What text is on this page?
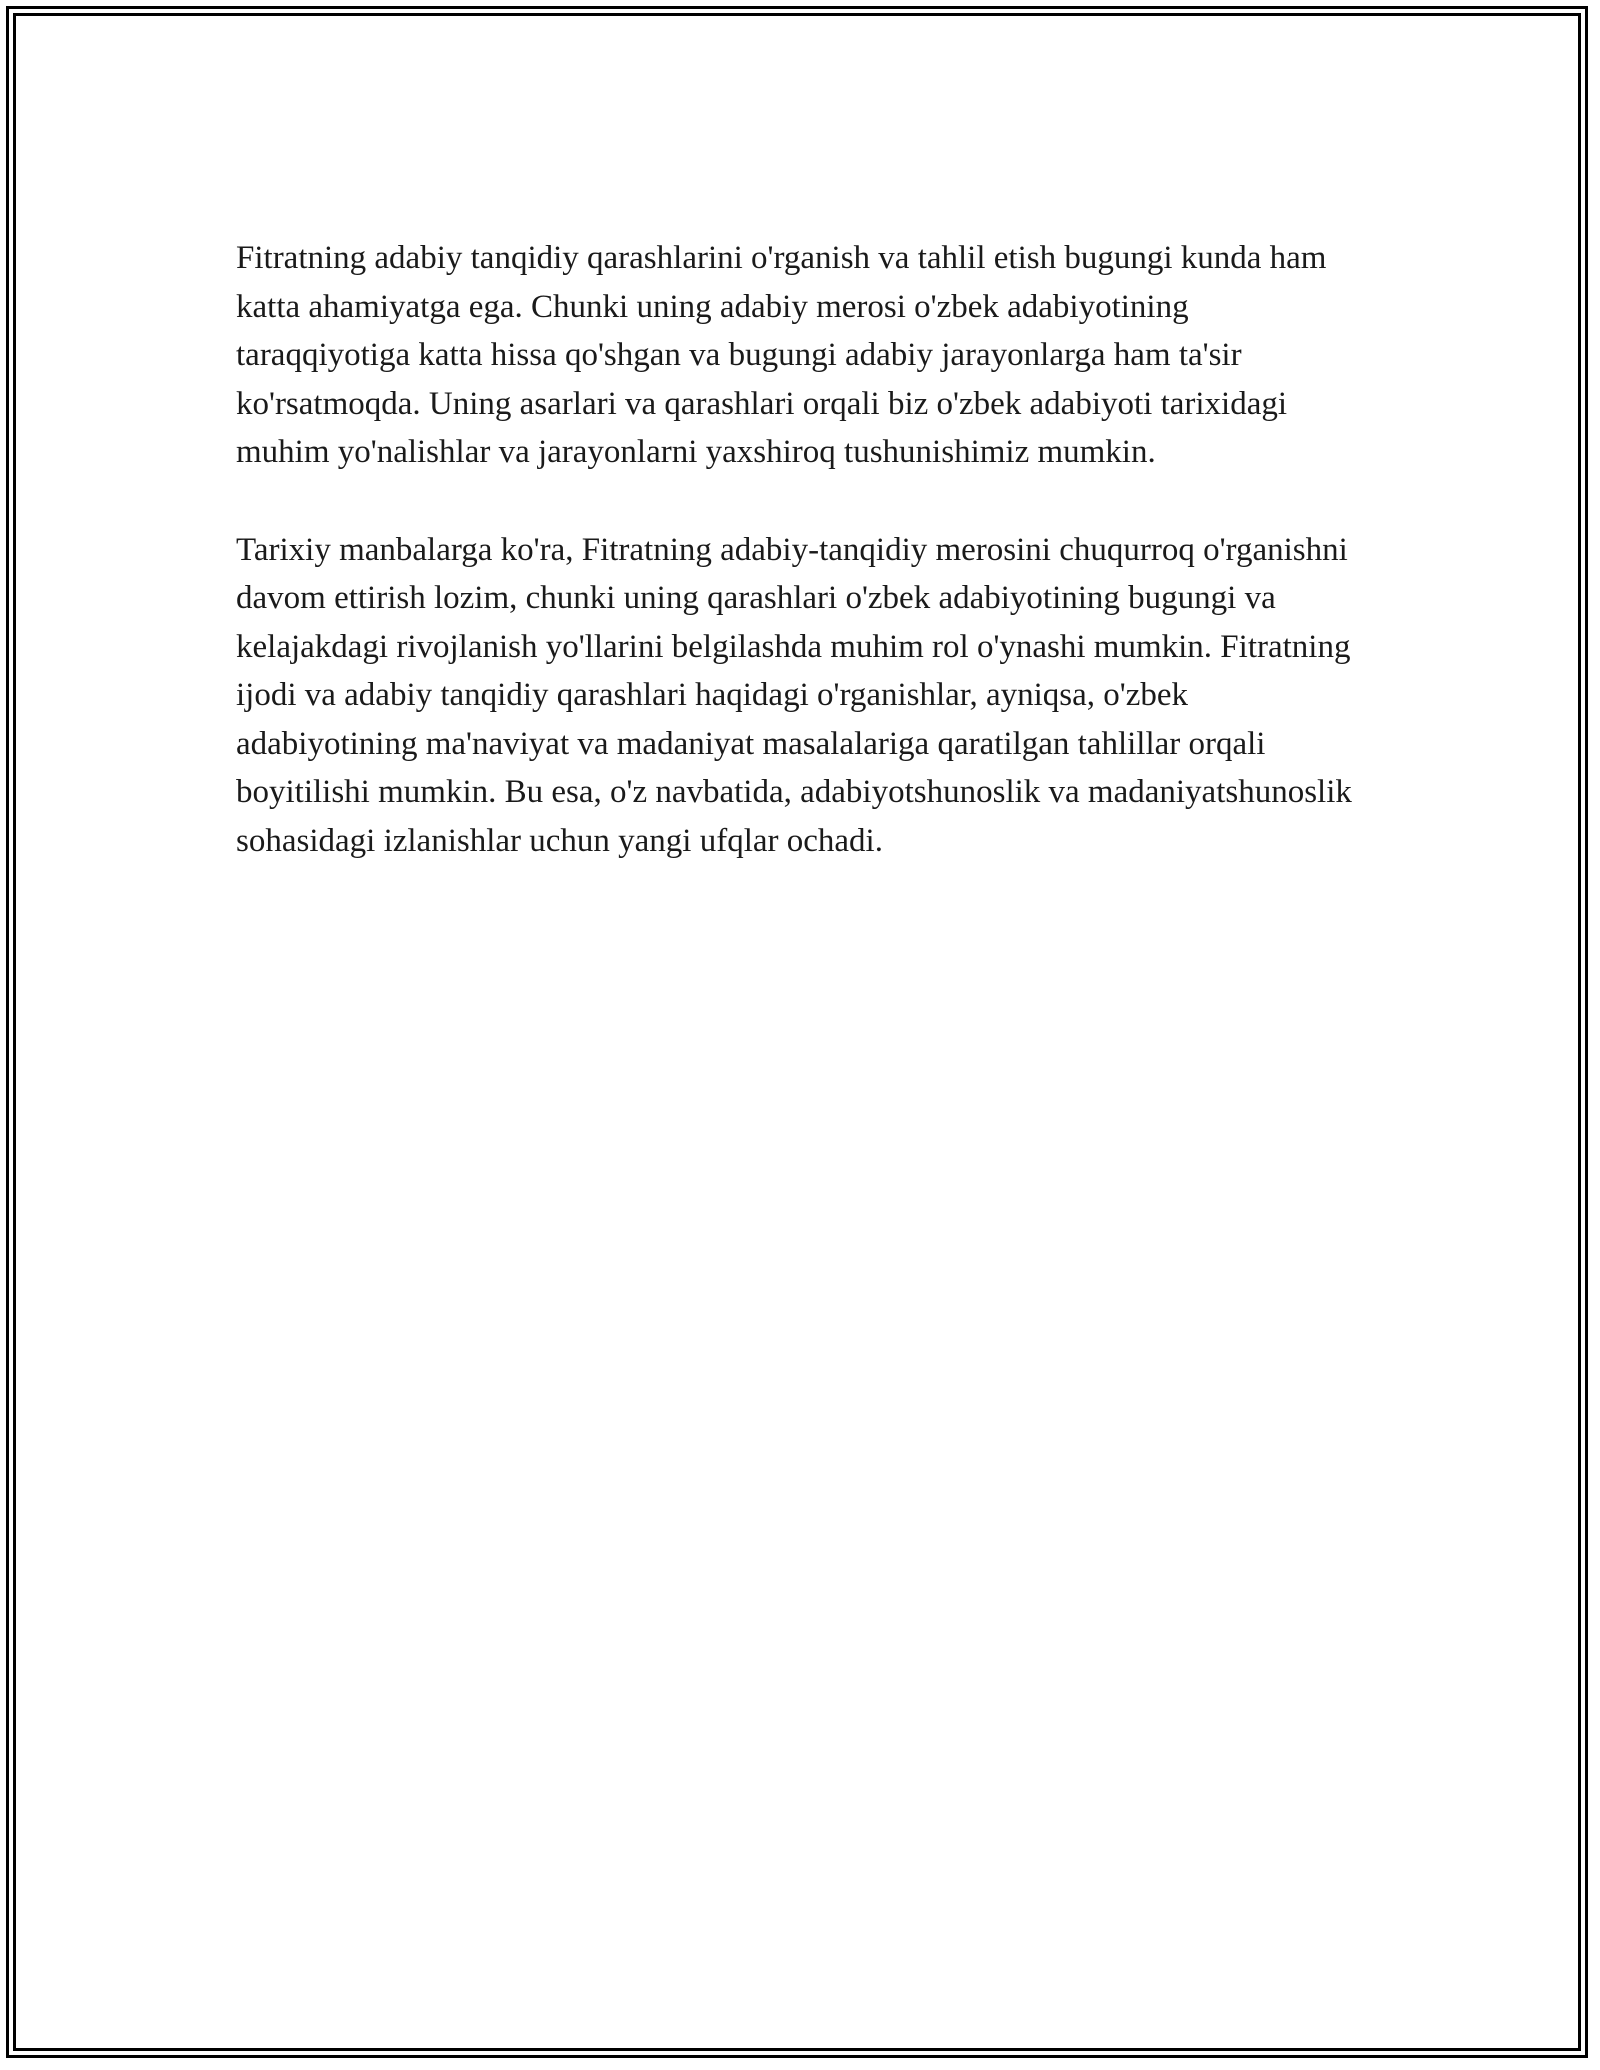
Fitratning adabiy tanqidiy qarashlarini o'rganish va tahlil etish bugungi kunda ham katta ahamiyatga ega. Chunki uning adabiy merosi o'zbek adabiyotining taraqqiyotiga katta hissa qo'shgan va bugungi adabiy jarayonlarga ham ta'sir ko'rsatmoqda. Uning asarlari va qarashlari orqali biz o'zbek adabiyoti tarixidagi muhim yo'nalishlar va jarayonlarni yaxshiroq tushunishimiz mumkin.

Tarixiy manbalarga ko'ra, Fitratning adabiy-tanqidiy merosini chuqurroq o'rganishni davom ettirish lozim, chunki uning qarashlari o'zbek adabiyotining bugungi va kelajakdagi rivojlanish yo'llarini belgilashda muhim rol o'ynashi mumkin. Fitratning ijodi va adabiy tanqidiy qarashlari haqidagi o'rganishlar, ayniqsa, o'zbek adabiyotining ma'naviyat va madaniyat masalalariga qaratilgan tahlillar orqali boyitilishi mumkin. Bu esa, o'z navbatida, adabiyotshunoslik va madaniyatshunoslik sohasidagi izlanishlar uchun yangi ufqlar ochadi.
